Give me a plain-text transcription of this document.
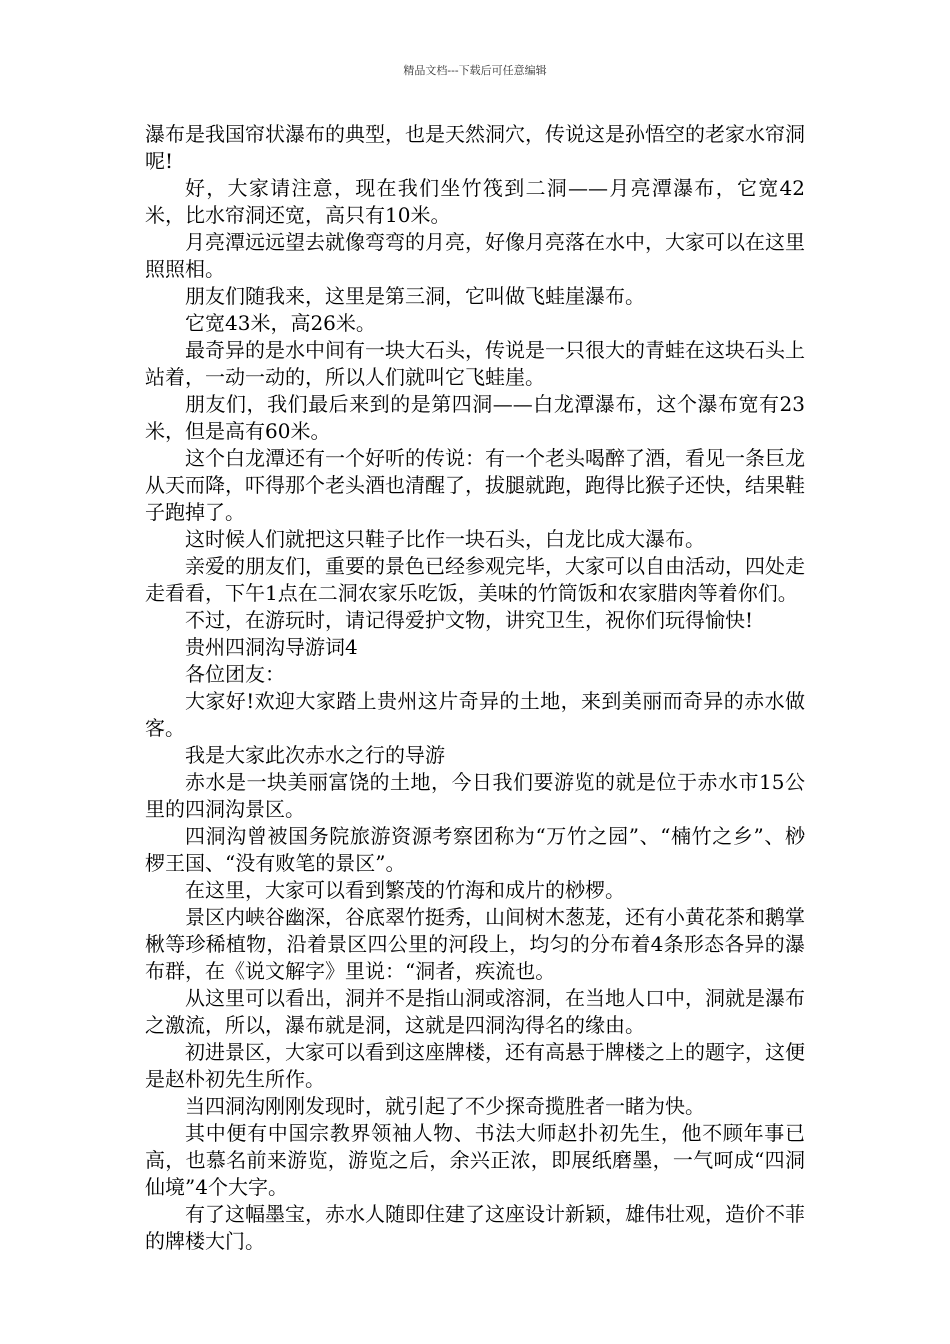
精品文档---下载后可任意编辑

瀑布是我国帘状瀑布的典型，也是天然洞穴，传说这是孙悟空的老家水帘洞呢!

好，大家请注意，现在我们坐竹筏到二洞——月亮潭瀑布，它宽42米，比水帘洞还宽，高只有10米。

月亮潭远远望去就像弯弯的月亮，好像月亮落在水中，大家可以在这里照照相。

朋友们随我来，这里是第三洞，它叫做飞蛙崖瀑布。

它宽43米，高26米。

最奇异的是水中间有一块大石头，传说是一只很大的青蛙在这块石头上站着，一动一动的，所以人们就叫它飞蛙崖。

朋友们，我们最后来到的是第四洞——白龙潭瀑布，这个瀑布宽有23米，但是高有60米。

这个白龙潭还有一个好听的传说：有一个老头喝醉了酒，看见一条巨龙从天而降，吓得那个老头酒也清醒了，拔腿就跑，跑得比猴子还快，结果鞋子跑掉了。

这时候人们就把这只鞋子比作一块石头，白龙比成大瀑布。

亲爱的朋友们，重要的景色已经参观完毕，大家可以自由活动，四处走走看看，下午1点在二洞农家乐吃饭，美味的竹筒饭和农家腊肉等着你们。

不过，在游玩时，请记得爱护文物，讲究卫生，祝你们玩得愉快!

贵州四洞沟导游词4

各位团友：

大家好!欢迎大家踏上贵州这片奇异的土地，来到美丽而奇异的赤水做客。

我是大家此次赤水之行的导游

赤水是一块美丽富饶的土地，今日我们要游览的就是位于赤水市15公里的四洞沟景区。

四洞沟曾被国务院旅游资源考察团称为“万竹之园”、“楠竹之乡”、桫椤王国、“没有败笔的景区”。

在这里，大家可以看到繁茂的竹海和成片的桫椤。

景区内峡谷幽深，谷底翠竹挺秀，山间树木葱茏，还有小黄花茶和鹅掌楸等珍稀植物，沿着景区四公里的河段上，均匀的分布着4条形态各异的瀑布群，在《说文解字》里说：“洞者，疾流也。

从这里可以看出，洞并不是指山洞或溶洞，在当地人口中，洞就是瀑布之激流，所以，瀑布就是洞，这就是四洞沟得名的缘由。

初进景区，大家可以看到这座牌楼，还有高悬于牌楼之上的题字，这便是赵朴初先生所作。

当四洞沟刚刚发现时，就引起了不少探奇揽胜者一睹为快。

其中便有中国宗教界领袖人物、书法大师赵扑初先生，他不顾年事已高，也慕名前来游览，游览之后，余兴正浓，即展纸磨墨，一气呵成“四洞仙境”4个大字。

有了这幅墨宝，赤水人随即住建了这座设计新颖，雄伟壮观，造价不菲的牌楼大门。
